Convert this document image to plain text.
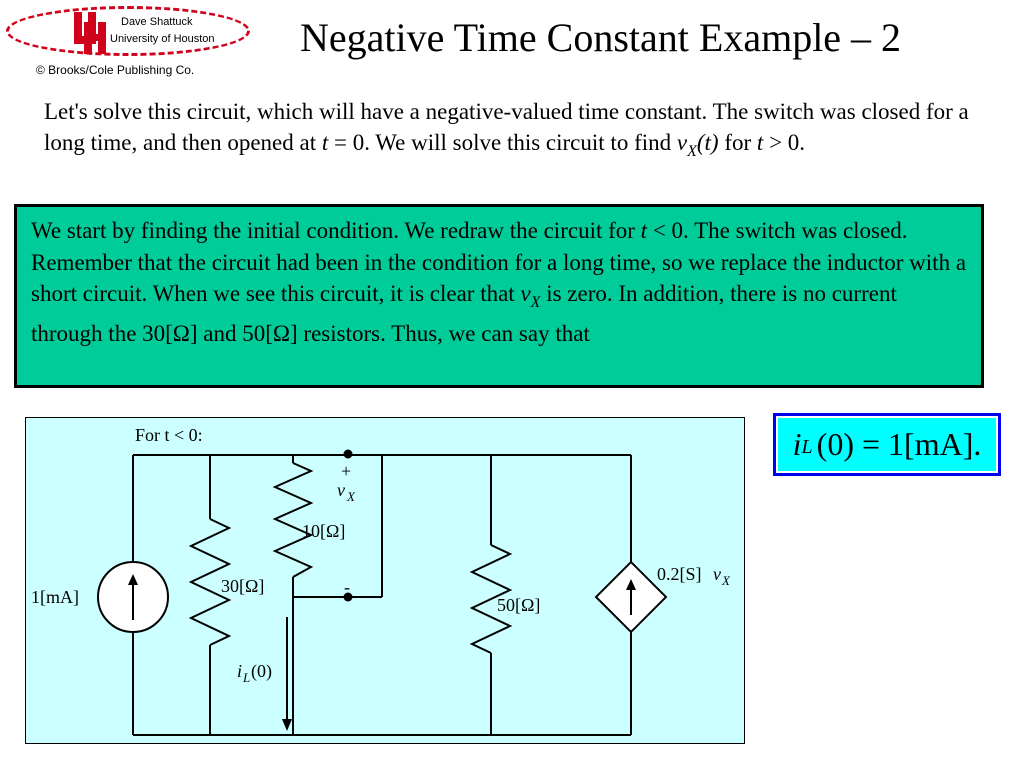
Dave Shattuck
University of Houston
© Brooks/Cole Publishing Co.
Negative Time Constant Example – 2
Let's solve this circuit, which will have a negative-valued time constant. The switch was closed for a long time, and then opened at t = 0. We will solve this circuit to find $v_X(t)$ for t > 0.
We start by finding the initial condition. We redraw the circuit for t < 0. The switch was closed. Remember that the circuit had been in the condition for a long time, so we replace the inductor with a short circuit. When we see this circuit, it is clear that $v_X$ is zero. In addition, there is no current through the 30[Ω] and 50[Ω] resistors. Thus, we can say that
For t < 0:
1[mA]
30[Ω]
10[Ω]
+
v X
-
i L (0)
50[Ω]
0.2[S] v X
i L (0) = 1[mA].
